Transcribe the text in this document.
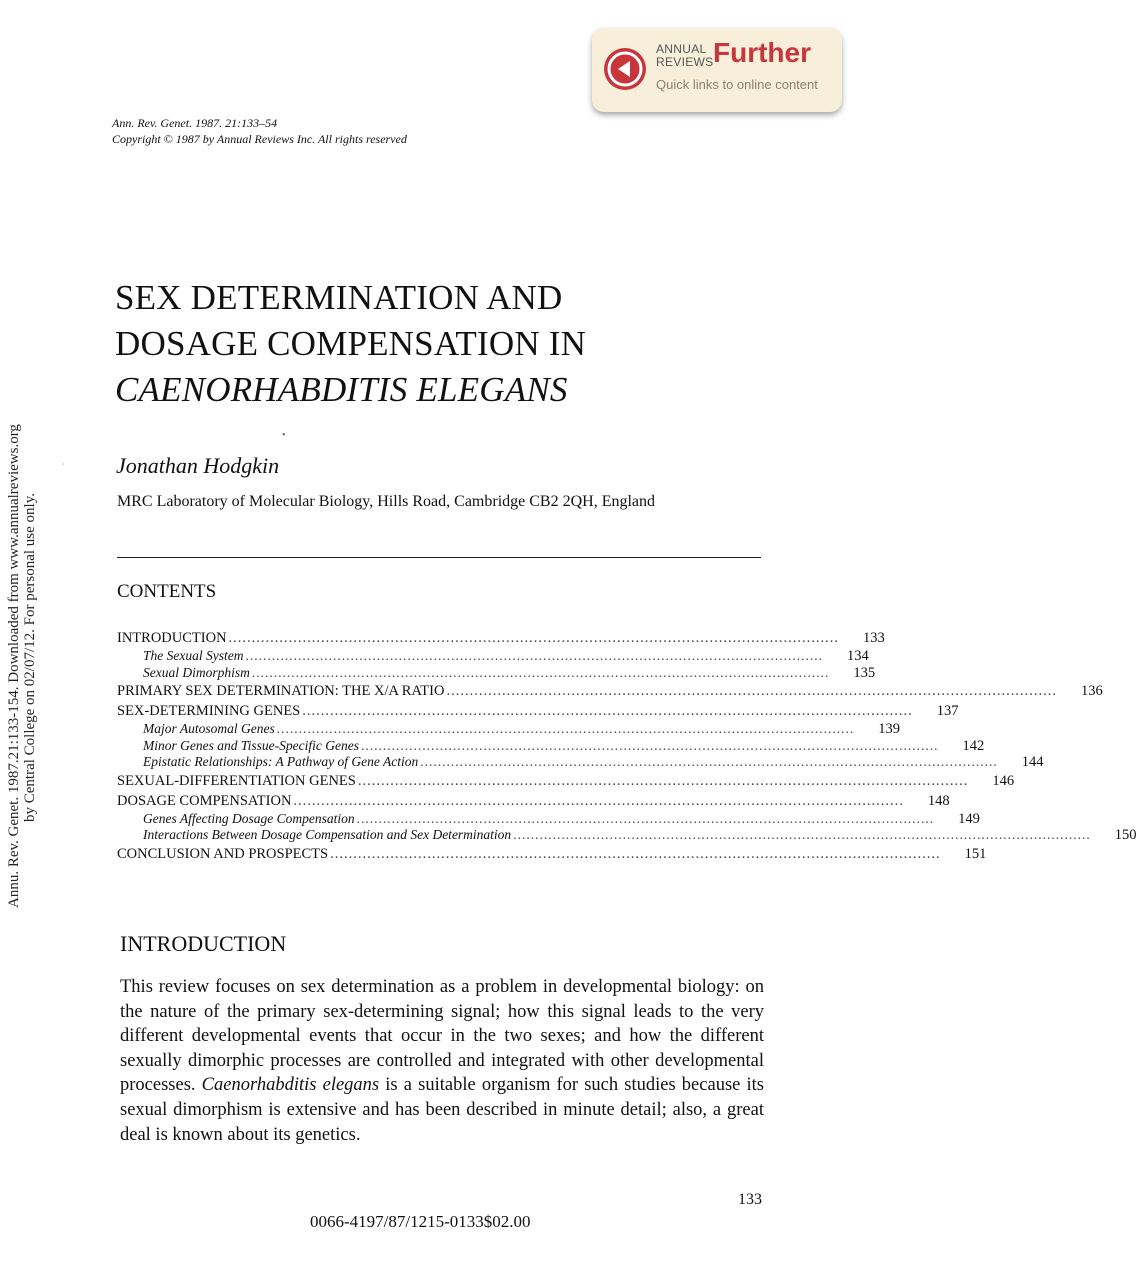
ANNUAL
REVIEWS Further
Quick links to online content
Annu. Rev. Genet. 1987.21:133-154. Downloaded from www.annualreviews.org by Central College on 02/07/12. For personal use only.
·
•
Ann. Rev. Genet. 1987. 21:133–54
Copyright © 1987 by Annual Reviews Inc. All rights reserved
SEX DETERMINATION AND
DOSAGE COMPENSATION IN
CAENORHABDITIS ELEGANS
Jonathan Hodgkin
MRC Laboratory of Molecular Biology, Hills Road, Cambridge CB2 2QH, England
CONTENTS
INTRODUCTION .................................................................................................................................... 133
The Sexual System .................................................................................................................................... 134
Sexual Dimorphism .................................................................................................................................... 135
PRIMARY SEX DETERMINATION: THE X/A RATIO .................................................................................................................................... 136
SEX-DETERMINING GENES .................................................................................................................................... 137
Major Autosomal Genes .................................................................................................................................... 139
Minor Genes and Tissue-Specific Genes .................................................................................................................................... 142
Epistatic Relationships: A Pathway of Gene Action .................................................................................................................................... 144
SEXUAL-DIFFERENTIATION GENES .................................................................................................................................... 146
DOSAGE COMPENSATION .................................................................................................................................... 148
Genes Affecting Dosage Compensation .................................................................................................................................... 149
Interactions Between Dosage Compensation and Sex Determination .................................................................................................................................... 150
CONCLUSION AND PROSPECTS .................................................................................................................................... 151
INTRODUCTION

This review focuses on sex determination as a problem in developmental biology: on the nature of the primary sex-determining signal; how this signal leads to the very different developmental events that occur in the two sexes; and how the different sexually dimorphic processes are controlled and integrated with other developmental processes. Caenorhabditis elegans is a suitable organism for such studies because its sexual dimorphism is extensive and has been described in minute detail; also, a great deal is known about its genetics.

133
0066-4197/87/1215-0133$02.00
